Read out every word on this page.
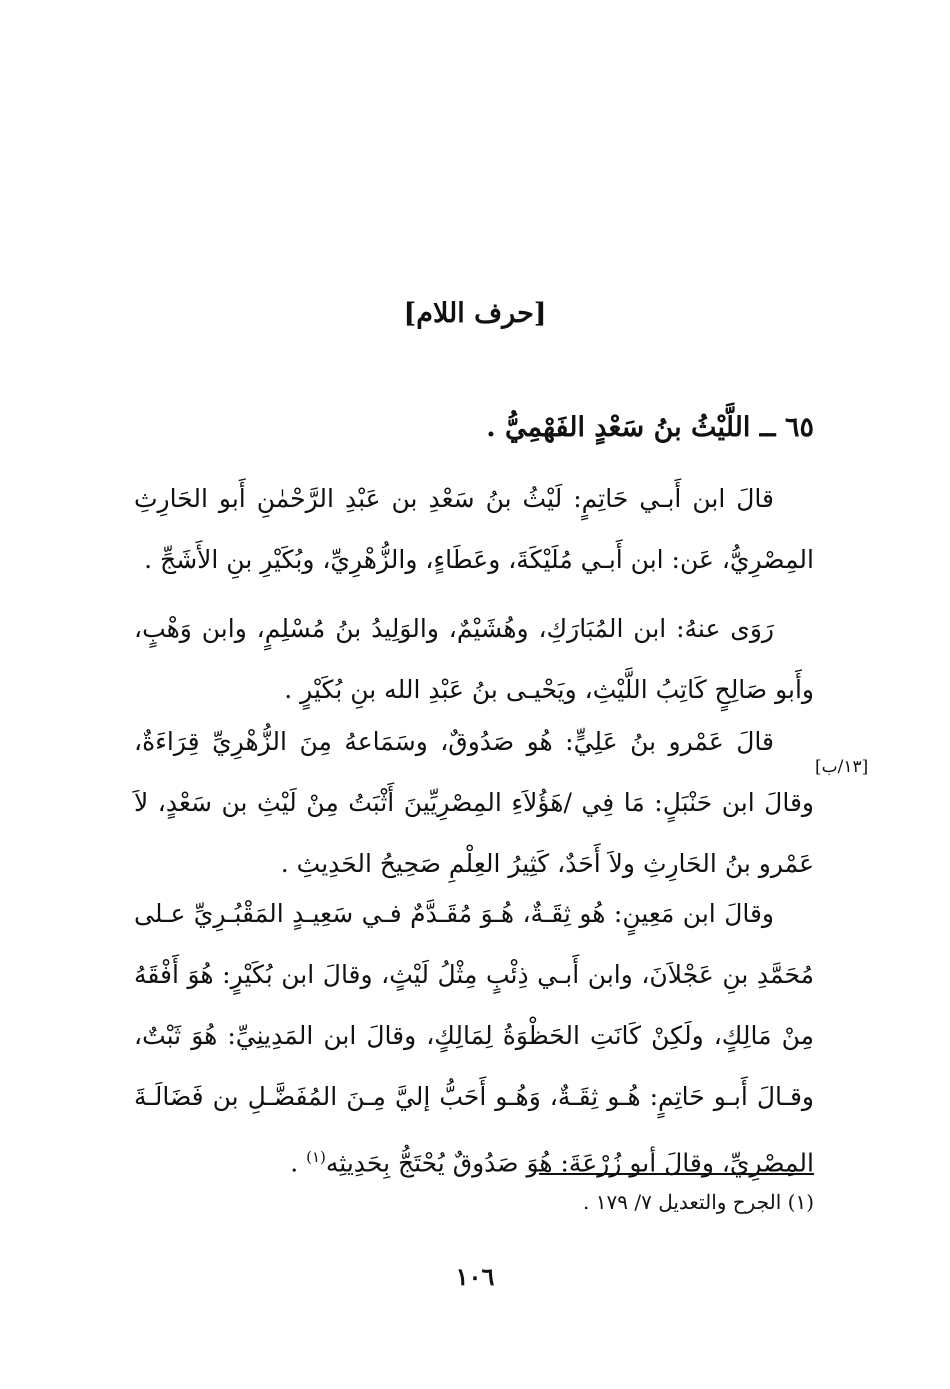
[حرف اللام]
٦٥ ــ اللَّيْثُ بنُ سَعْدٍ الفَهْمِيُّ .

قالَ ابن أَبـي حَاتِمٍ: لَيْثُ بنُ سَعْدِ بن عَبْدِ الرَّحْمٰنِ أَبو الحَارِثِ المِصْرِيُّ، عَن: ابن أَبـي مُلَيْكَةَ، وعَطَاءٍ، والزُّهْرِيِّ، وبُكَيْرِ بنِ الأَشَجِّ .

رَوَى عنهُ: ابن المُبَارَكِ، وهُشَيْمٌ، والوَلِيدُ بنُ مُسْلِمٍ، وابن وَهْبٍ، وأَبو صَالِحٍ كَاتِبُ اللَّيْثِ، ويَحْيـى بنُ عَبْدِ الله بنِ بُكَيْرٍ .

قالَ عَمْرو بنُ عَلِيٍّ: هُو صَدُوقٌ، وسَمَاعهُ مِنَ الزُّهْرِيِّ قِرَاءَةٌ، وقالَ ابن حَنْبَلٍ: مَا فِي /هَؤُلاَءِ المِصْرِيِّينَ أَثْبَتُ مِنْ لَيْثِ بن سَعْدٍ، لاَ عَمْرو بنُ الحَارِثِ ولاَ أَحَدٌ، كَثِيرُ العِلْمِ صَحِيحُ الحَدِيثِ .

[١٣/ب]

وقالَ ابن مَعِينٍ: هُو ثِقَـةٌ، هُـوَ مُقَـدَّمٌ فـي سَعِيـدٍ المَقْبُـرِيِّ عـلى مُحَمَّدِ بنِ عَجْلاَنَ، وابن أَبـي ذِئْبٍ مِثْلُ لَيْثٍ، وقالَ ابن بُكَيْرٍ: هُوَ أَفْقَهُ مِنْ مَالِكٍ، ولَكِنْ كَانَتِ الحَظْوَةُ لِمَالِكٍ، وقالَ ابن المَدِينِيِّ: هُوَ ثَبْتٌ، وقـالَ أَبـو حَاتِمٍ: هُـو ثِقَـةٌ، وَهُـو أَحَبُّ إليَّ مِـنَ المُفَضَّـلِ بن فَضَالَـةَ المِصْرِيِّ، وقالَ أبو زُرْعَةَ: هُوَ صَدُوقٌ يُحْتَجُّ بِحَدِيثِه$^{(١)}$ .

(١) الجرح والتعديل ٧/ ١٧٩ .
١٠٦
